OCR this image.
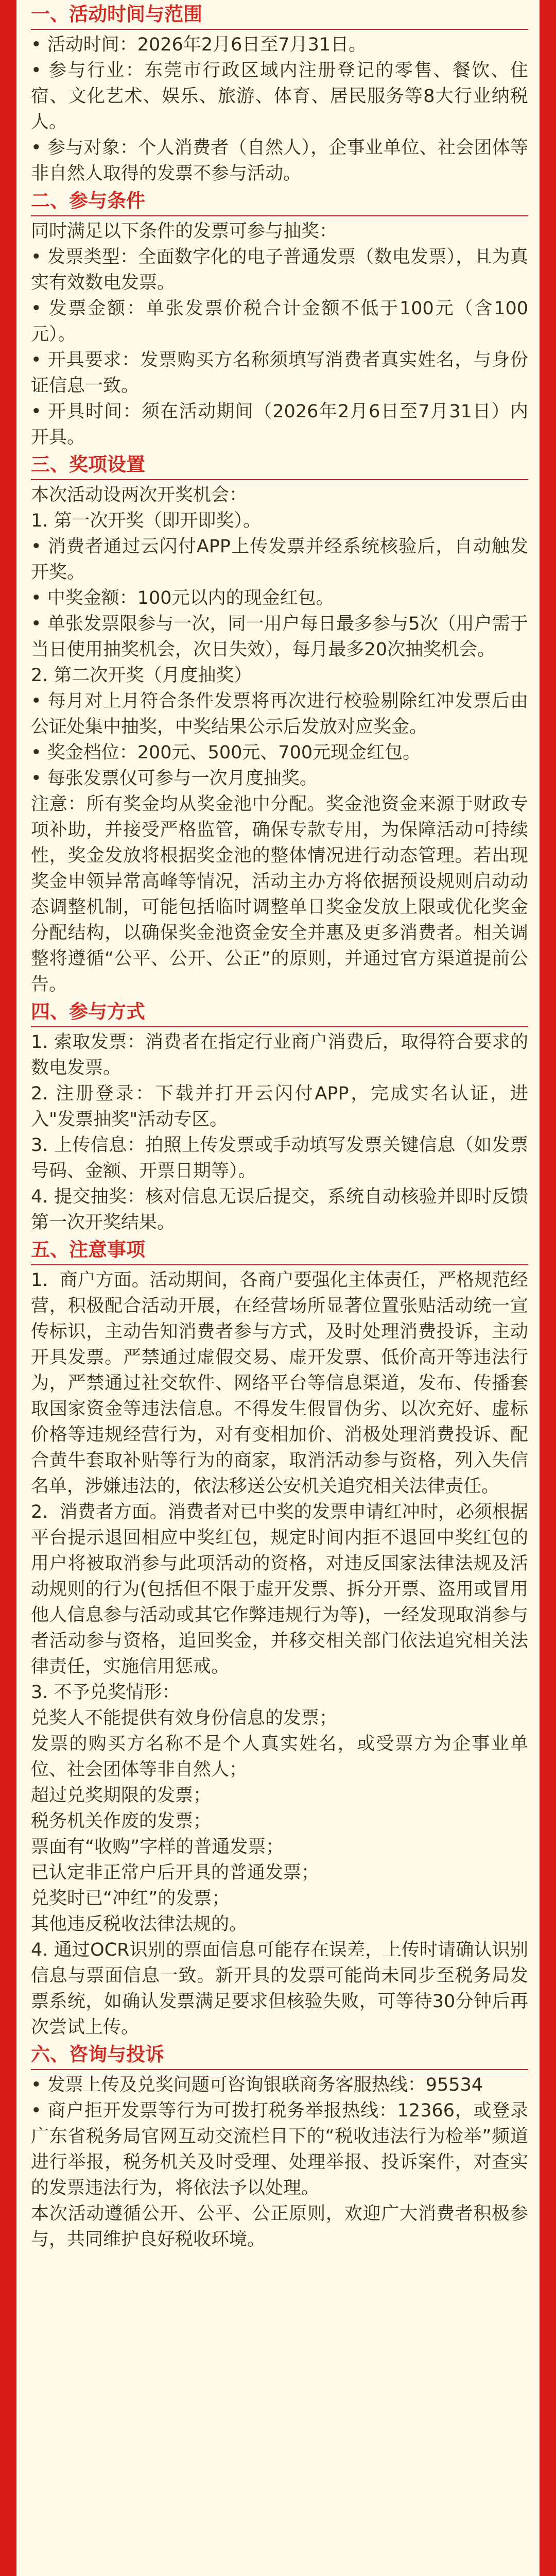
一、活动时间与范围

• 活动时间：2026年2月6日至7月31日。

• 参与行业：东莞市行政区域内注册登记的零售、餐饮、住宿、文化艺术、娱乐、旅游、体育、居民服务等8大行业纳税人。

• 参与对象：个人消费者（自然人），企事业单位、社会团体等非自然人取得的发票不参与活动。

二、参与条件

同时满足以下条件的发票可参与抽奖：

• 发票类型：全面数字化的电子普通发票（数电发票），且为真实有效数电发票。

• 发票金额：单张发票价税合计金额不低于100元（含100元）。

• 开具要求：发票购买方名称须填写消费者真实姓名，与身份证信息一致。

• 开具时间：须在活动期间（2026年2月6日至7月31日）内开具。

三、奖项设置

本次活动设两次开奖机会：

1. 第一次开奖（即开即奖）。

• 消费者通过云闪付APP上传发票并经系统核验后，自动触发开奖。

• 中奖金额：100元以内的现金红包。

• 单张发票限参与一次，同一用户每日最多参与5次（用户需于当日使用抽奖机会，次日失效），每月最多20次抽奖机会。

2. 第二次开奖（月度抽奖）

• 每月对上月符合条件发票将再次进行校验剔除红冲发票后由公证处集中抽奖，中奖结果公示后发放对应奖金。

• 奖金档位：200元、500元、700元现金红包。

• 每张发票仅可参与一次月度抽奖。

注意：所有奖金均从奖金池中分配。奖金池资金来源于财政专项补助，并接受严格监管，确保专款专用，为保障活动可持续性，奖金发放将根据奖金池的整体情况进行动态管理。若出现奖金申领异常高峰等情况，活动主办方将依据预设规则启动动态调整机制，可能包括临时调整单日奖金发放上限或优化奖金分配结构，以确保奖金池资金安全并惠及更多消费者。相关调整将遵循“公平、公开、公正”的原则，并通过官方渠道提前公告。

四、参与方式

1. 索取发票：消费者在指定行业商户消费后，取得符合要求的数电发票。

2. 注册登录：下载并打开云闪付APP，完成实名认证，进入"发票抽奖"活动专区。

3. 上传信息：拍照上传发票或手动填写发票关键信息（如发票号码、金额、开票日期等）。

4. 提交抽奖：核对信息无误后提交，系统自动核验并即时反馈第一次开奖结果。

五、注意事项

1.  商户方面。活动期间，各商户要强化主体责任，严格规范经营，积极配合活动开展，在经营场所显著位置张贴活动统一宣传标识，主动告知消费者参与方式，及时处理消费投诉，主动开具发票。严禁通过虚假交易、虚开发票、低价高开等违法行为，严禁通过社交软件、网络平台等信息渠道，发布、传播套取国家资金等违法信息。不得发生假冒伪劣、以次充好、虚标价格等违规经营行为，对有变相加价、消极处理消费投诉、配合黄牛套取补贴等行为的商家，取消活动参与资格，列入失信名单，涉嫌违法的，依法移送公安机关追究相关法律责任。

2.  消费者方面。消费者对已中奖的发票申请红冲时，必须根据平台提示退回相应中奖红包，规定时间内拒不退回中奖红包的用户将被取消参与此项活动的资格，对违反国家法律法规及活动规则的行为(包括但不限于虚开发票、拆分开票、盗用或冒用他人信息参与活动或其它作弊违规行为等)，一经发现取消参与者活动参与资格，追回奖金，并移交相关部门依法追究相关法律责任，实施信用惩戒。

3. 不予兑奖情形：

兑奖人不能提供有效身份信息的发票；

发票的购买方名称不是个人真实姓名，或受票方为企事业单位、社会团体等非自然人；

超过兑奖期限的发票；

税务机关作废的发票；

票面有“收购”字样的普通发票；

已认定非正常户后开具的普通发票；

兑奖时已“冲红”的发票；

其他违反税收法律法规的。

4. 通过OCR识别的票面信息可能存在误差，上传时请确认识别信息与票面信息一致。新开具的发票可能尚未同步至税务局发票系统，如确认发票满足要求但核验失败，可等待30分钟后再次尝试上传。

六、咨询与投诉

• 发票上传及兑奖问题可咨询银联商务客服热线：95534

• 商户拒开发票等行为可拨打税务举报热线：12366，或登录广东省税务局官网互动交流栏目下的“税收违法行为检举”频道进行举报，税务机关及时受理、处理举报、投诉案件，对查实的发票违法行为，将依法予以处理。

本次活动遵循公开、公平、公正原则，欢迎广大消费者积极参与，共同维护良好税收环境。
